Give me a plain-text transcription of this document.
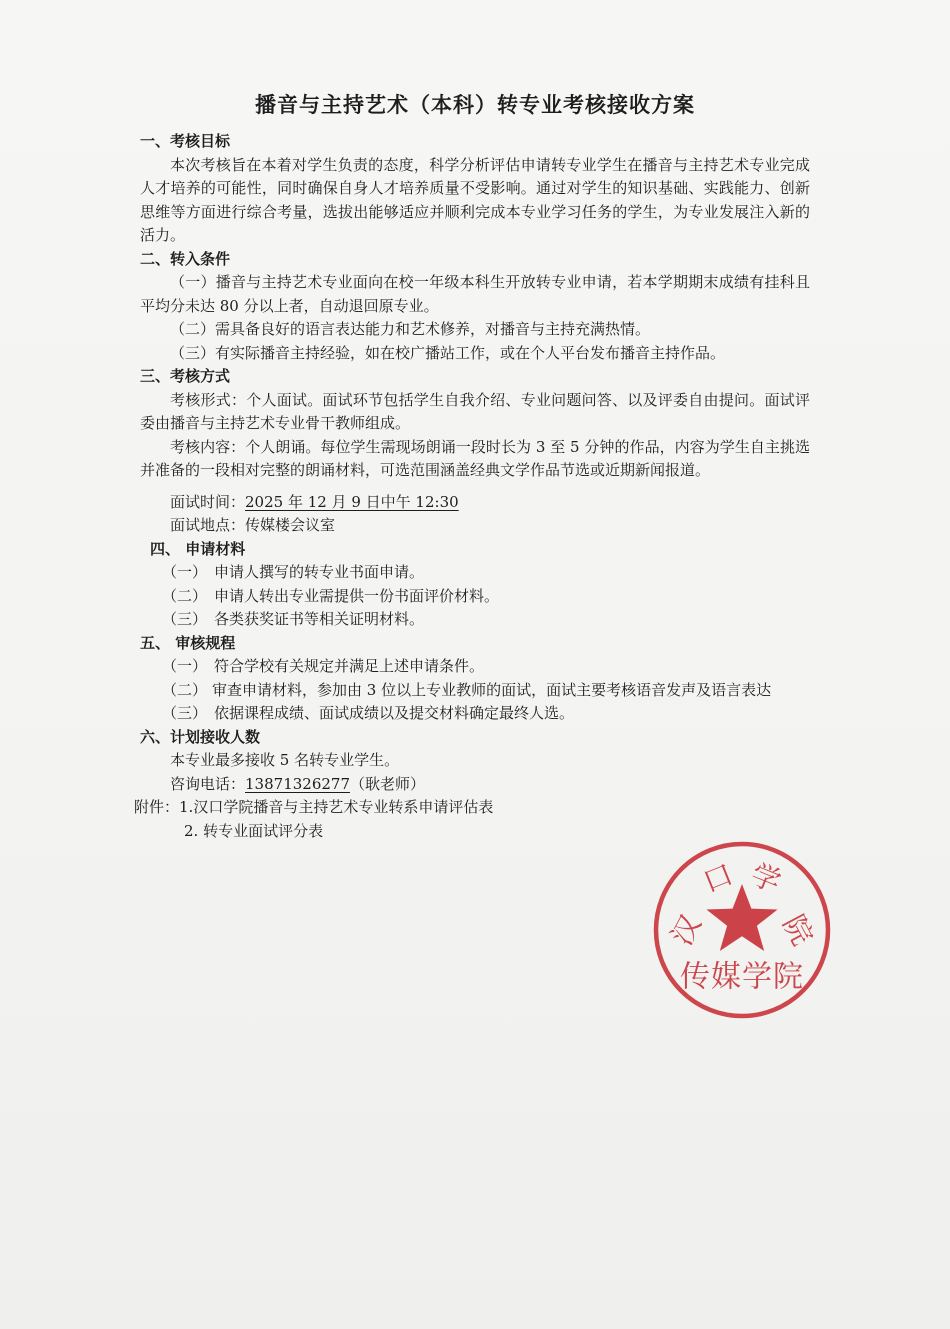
播音与主持艺术（本科）转专业考核接收方案

一、考核目标

本次考核旨在本着对学生负责的态度，科学分析评估申请转专业学生在播音与主持艺术专业完成人才培养的可能性，同时确保自身人才培养质量不受影响。通过对学生的知识基础、实践能力、创新思维等方面进行综合考量，选拔出能够适应并顺利完成本专业学习任务的学生，为专业发展注入新的活力。

二、转入条件

（一）播音与主持艺术专业面向在校一年级本科生开放转专业申请，若本学期期末成绩有挂科且平均分未达 80 分以上者，自动退回原专业。

（二）需具备良好的语言表达能力和艺术修养，对播音与主持充满热情。

（三）有实际播音主持经验，如在校广播站工作，或在个人平台发布播音主持作品。

三、考核方式

考核形式：个人面试。面试环节包括学生自我介绍、专业问题问答、以及评委自由提问。面试评委由播音与主持艺术专业骨干教师组成。

考核内容：个人朗诵。每位学生需现场朗诵一段时长为 3 至 5 分钟的作品，内容为学生自主挑选并准备的一段相对完整的朗诵材料，可选范围涵盖经典文学作品节选或近期新闻报道。

面试时间：2025 年 12 月 9 日中午 12:30

面试地点：传媒楼会议室

四、 申请材料

（一） 申请人撰写的转专业书面申请。

（二） 申请人转出专业需提供一份书面评价材料。

（三） 各类获奖证书等相关证明材料。

五、 审核规程

（一） 符合学校有关规定并满足上述申请条件。

（二） 审查申请材料，参加由 3 位以上专业教师的面试，面试主要考核语音发声及语言表达

（三） 依据课程成绩、面试成绩以及提交材料确定最终人选。

六、计划接收人数

本专业最多接收 5 名转专业学生。

咨询电话：13871326277（耿老师）

附件：1.汉口学院播音与主持艺术专业转系申请评估表

2. 转专业面试评分表

汉
口 学
院
传媒学院
